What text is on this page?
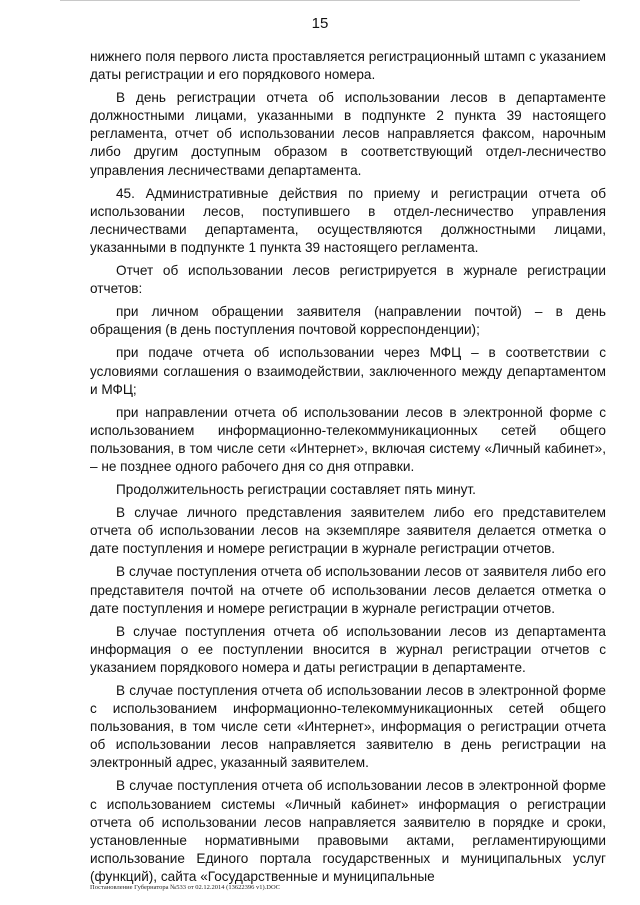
15

нижнего поля первого листа проставляется регистрационный штамп с указанием даты регистрации и его порядкового номера.

В день регистрации отчета об использовании лесов в департаменте должностными лицами, указанными в подпункте 2 пункта 39 настоящего регламента, отчет об использовании лесов направляется факсом, нарочным либо другим доступным образом в соответствующий отдел-лесничество управления лесничествами департамента.

45. Административные действия по приему и регистрации отчета об использовании лесов, поступившего в отдел-лесничество управления лесничествами департамента, осуществляются должностными лицами, указанными в подпункте 1 пункта 39 настоящего регламента.

Отчет об использовании лесов регистрируется в журнале регистрации отчетов:

при личном обращении заявителя (направлении почтой) – в день обращения (в день поступления почтовой корреспонденции);

при подаче отчета об использовании через МФЦ – в соответствии с условиями соглашения о взаимодействии, заключенного между департаментом и МФЦ;

при направлении отчета об использовании лесов в электронной форме с использованием информационно-телекоммуникационных сетей общего пользования, в том числе сети «Интернет», включая систему «Личный кабинет», – не позднее одного рабочего дня со дня отправки.

Продолжительность регистрации составляет пять минут.

В случае личного представления заявителем либо его представителем отчета об использовании лесов на экземпляре заявителя делается отметка о дате поступления и номере регистрации в журнале регистрации отчетов.

В случае поступления отчета об использовании лесов от заявителя либо его представителя почтой на отчете об использовании лесов делается отметка о дате поступления и номере регистрации в журнале регистрации отчетов.

В случае поступления отчета об использовании лесов из департамента информация о ее поступлении вносится в журнал регистрации отчетов с указанием порядкового номера и даты регистрации в департаменте.

В случае поступления отчета об использовании лесов в электронной форме с использованием информационно-телекоммуникационных сетей общего пользования, в том числе сети «Интернет», информация о регистрации отчета об использовании лесов направляется заявителю в день регистрации на электронный адрес, указанный заявителем.

В случае поступления отчета об использовании лесов в электронной форме с использованием системы «Личный кабинет» информация о регистрации отчета об использовании лесов направляется заявителю в порядке и сроки, установленные нормативными правовыми актами, регламентирующими использование Единого портала государственных и муниципальных услуг (функций), сайта «Государственные и муниципальные

Постановление Губернатора №533 от 02.12.2014 (13622396 v1).DOC
